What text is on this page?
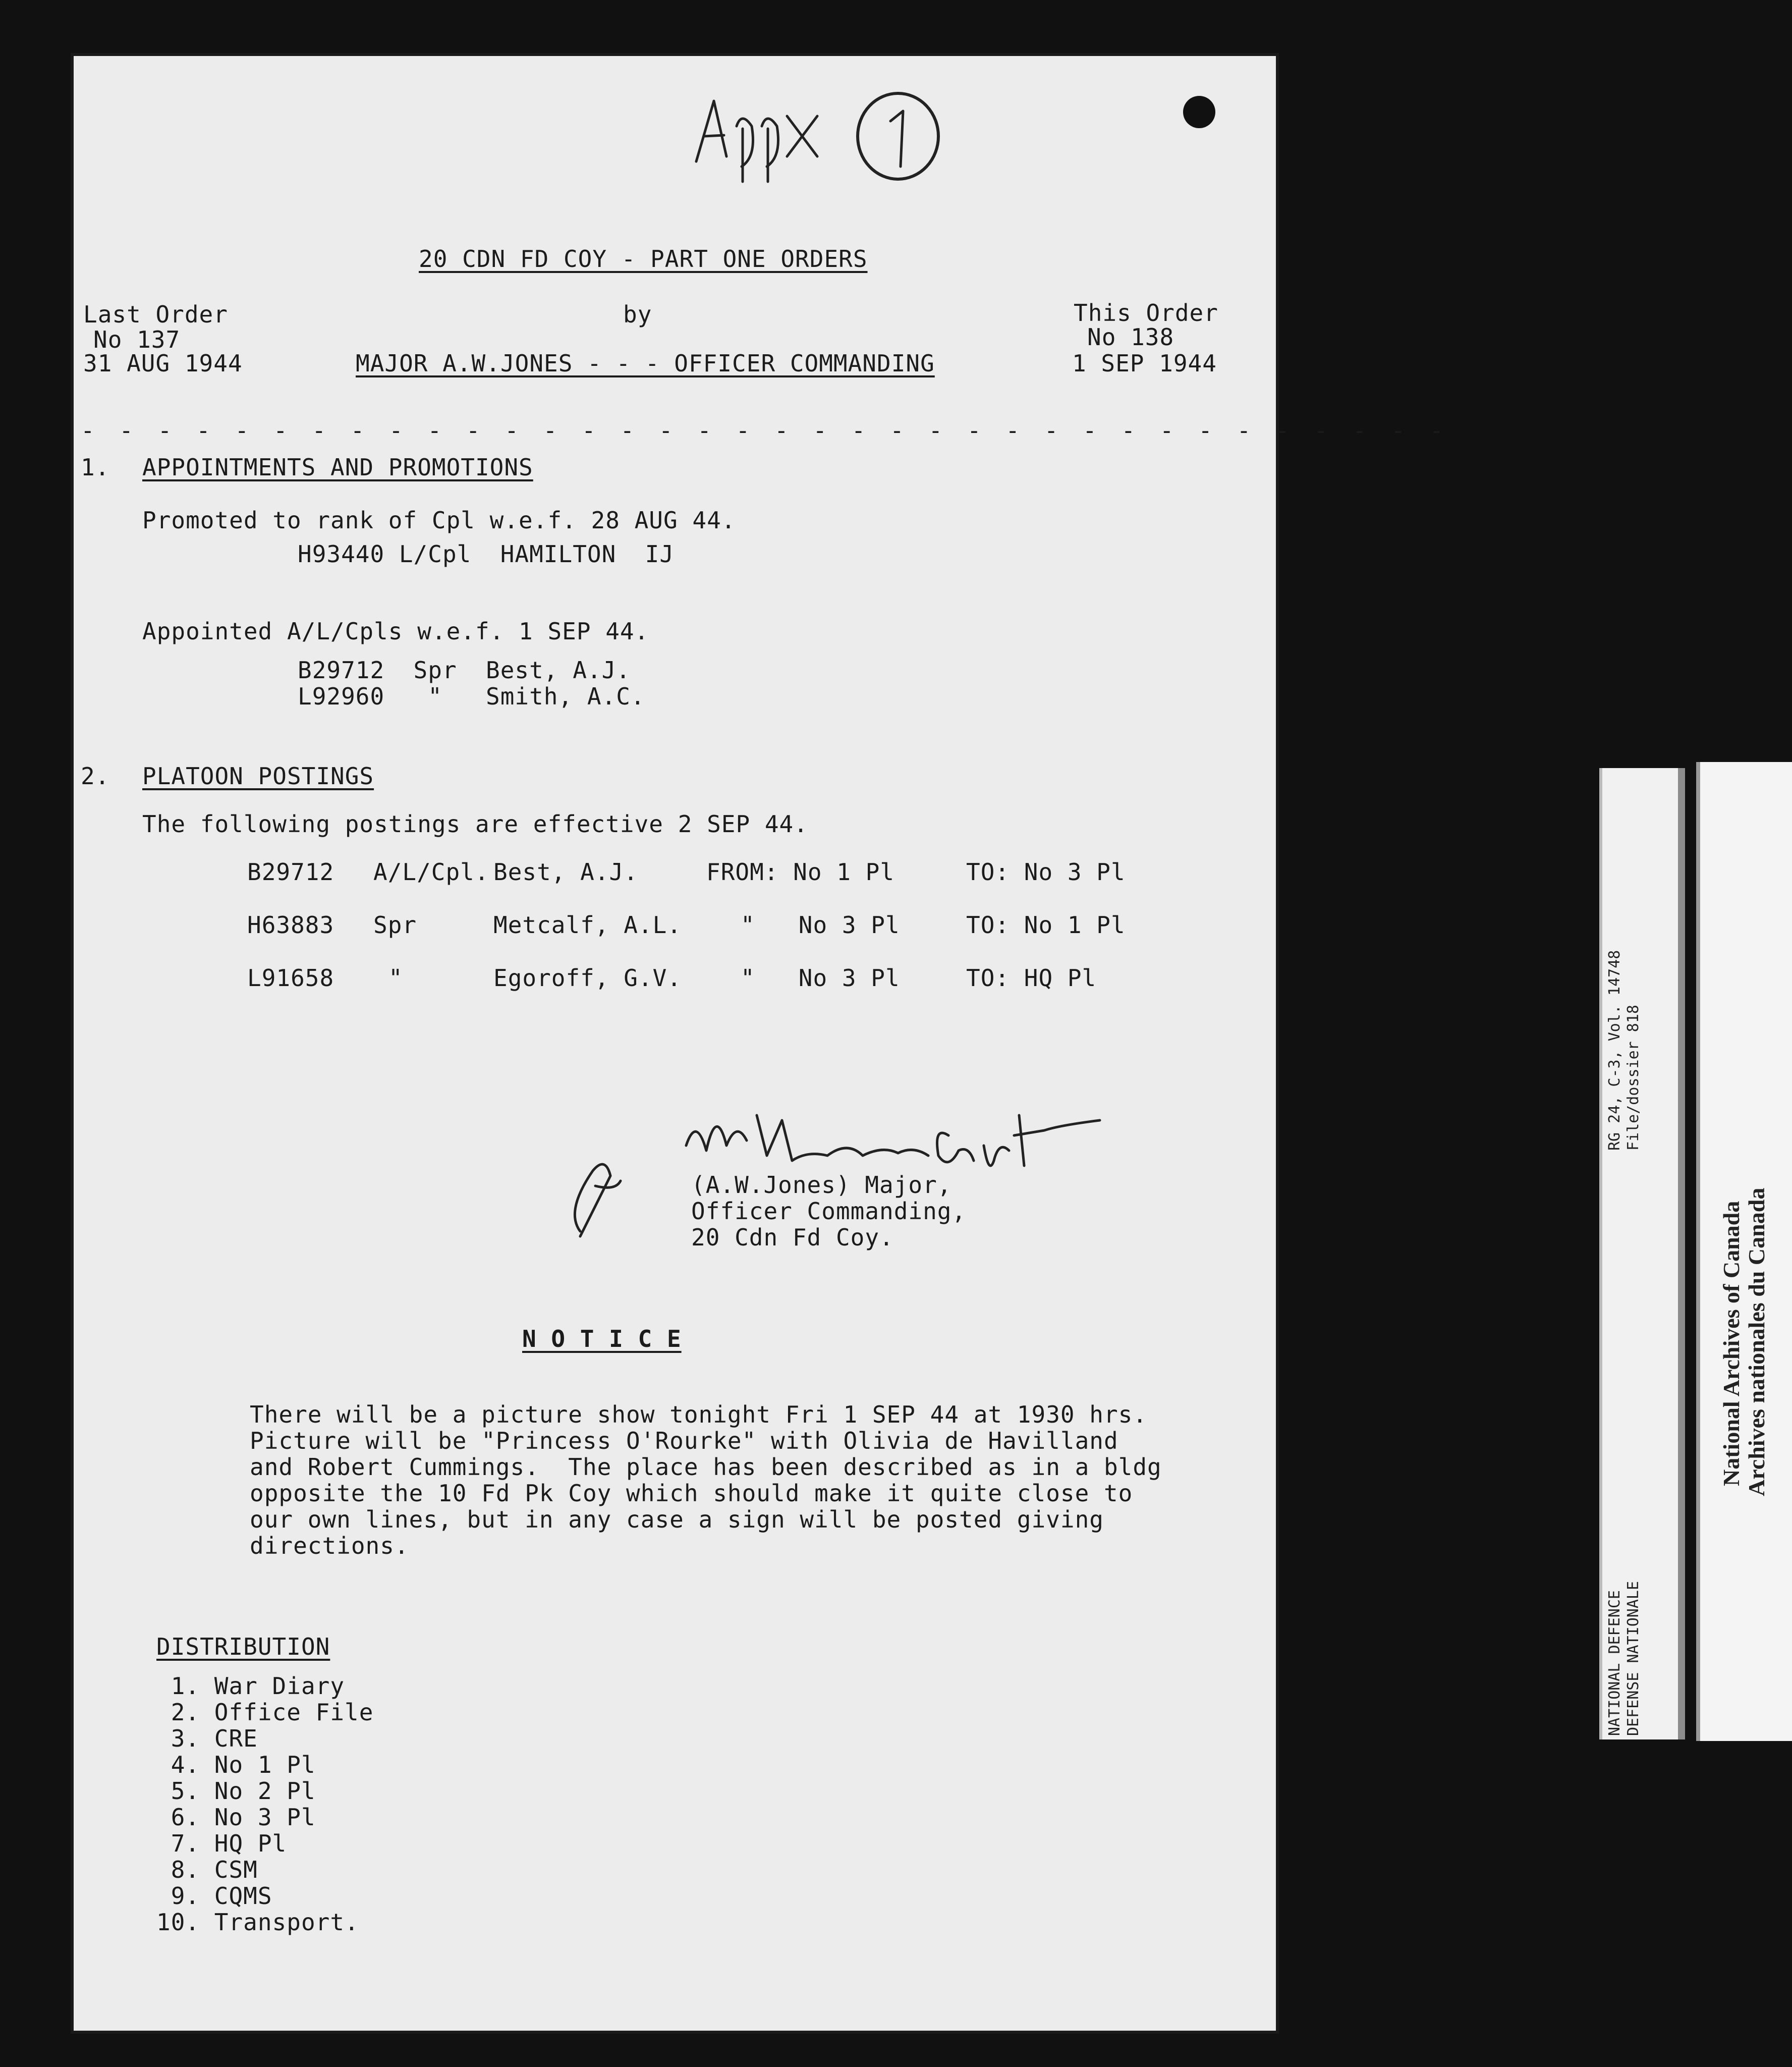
20 CDN FD COY - PART ONE ORDERS
by
Last Order
No 137
31 AUG 1944	MAJOR A.W.JONES - - - OFFICER COMMANDING
This Order
No 138
1 SEP 1944
- - - - - - - - - - - - - - - - - - - - - - - - - - - - - - - - - - - -
1. APPOINTMENTS AND PROMOTIONS
Promoted to rank of Cpl w.e.f. 28 AUG 44.
H93440 L/Cpl  HAMILTON  IJ
Appointed A/L/Cpls w.e.f. 1 SEP 44.
B29712  Spr  Best, A.J.
L92960   "   Smith, A.C.
2. PLATOON POSTINGS
The following postings are effective 2 SEP 44.
B29712 A/L/Cpl. Best, A.J.	FROM: No 1 Pl	TO: No 3 Pl
H63883 Spr	Metcalf, A.L.	"   No 3 Pl	TO: No 1 Pl
L91658 "	Egoroff, G.V.	"   No 3 Pl	TO: HQ Pl
(A.W.Jones) Major,
Officer Commanding,
20 Cdn Fd Coy.
N O T I C E
There will be a picture show tonight Fri 1 SEP 44 at 1930 hrs.
Picture will be "Princess O'Rourke" with Olivia de Havilland
and Robert Cummings.  The place has been described as in a bldg
opposite the 10 Fd Pk Coy which should make it quite close to
our own lines, but in any case a sign will be posted giving
directions.
DISTRIBUTION
1. War Diary
2. Office File
3. CRE
4. No 1 Pl
5. No 2 Pl
6. No 3 Pl
7. HQ Pl
8. CSM
9. CQMS
10. Transport.
RG 24, C-3, Vol. 14748 File/dossier 818
NATIONAL DEFENCE DEFENSE NATIONALE
National Archives of Canada Archives nationales du Canada
